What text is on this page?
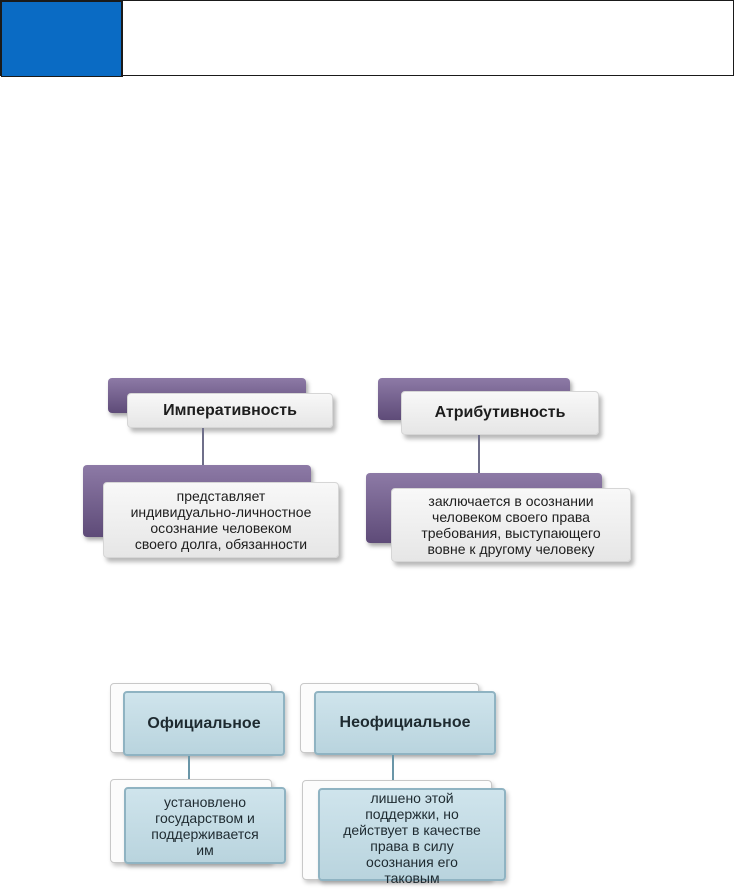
Императивность
представляет
индивидуально-личностное
осознание человеком
своего долга, обязанности
Атрибутивность
заключается в осознании
человеком своего права
требования, выступающего
вовне к другому человеку
Официальное
установлено
государством и
поддерживается
им
Неофициальное
лишено этой
поддержки, но
действует в качестве
права в силу
осознания его
таковым
